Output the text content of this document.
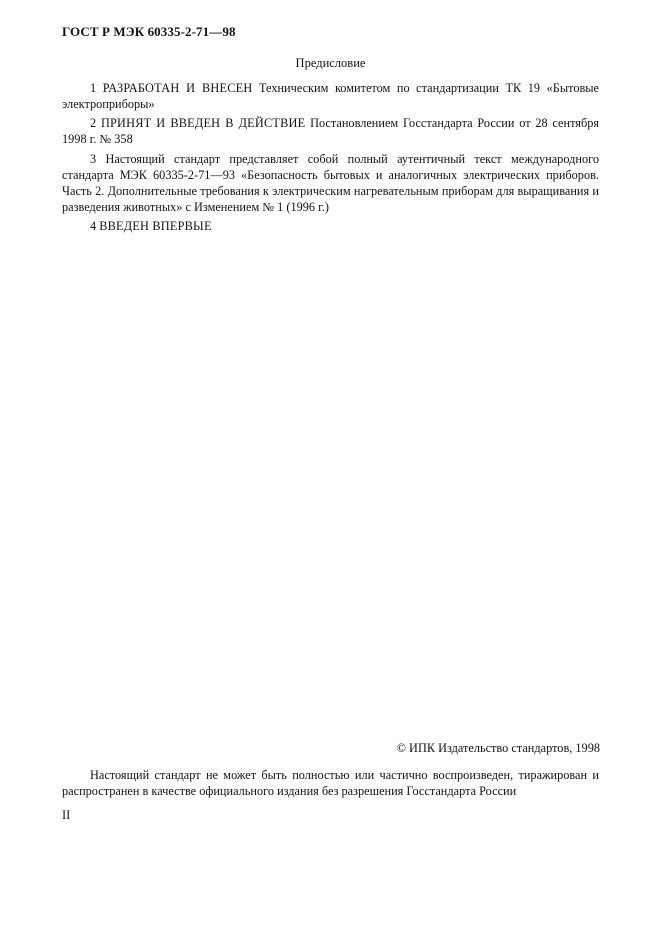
ГОСТ Р МЭК 60335-2-71—98
Предисловие
1 РАЗРАБОТАН И ВНЕСЕН Техническим комитетом по стандартизации ТК 19 «Бытовые электроприборы»
2 ПРИНЯТ И ВВЕДЕН В ДЕЙСТВИЕ Постановлением Госстандарта России от 28 сентября 1998 г. № 358
3 Настоящий стандарт представляет собой полный аутентичный текст международного стандарта МЭК 60335-2-71—93 «Безопасность бытовых и аналогичных электрических приборов. Часть 2. Дополнительные требования к электрическим нагревательным приборам для выращивания и разведения животных» с Изменением № 1 (1996 г.)
4 ВВЕДЕН ВПЕРВЫЕ
© ИПК Издательство стандартов, 1998
Настоящий стандарт не может быть полностью или частично воспроизведен, тиражирован и распространен в качестве официального издания без разрешения Госстандарта России
II
